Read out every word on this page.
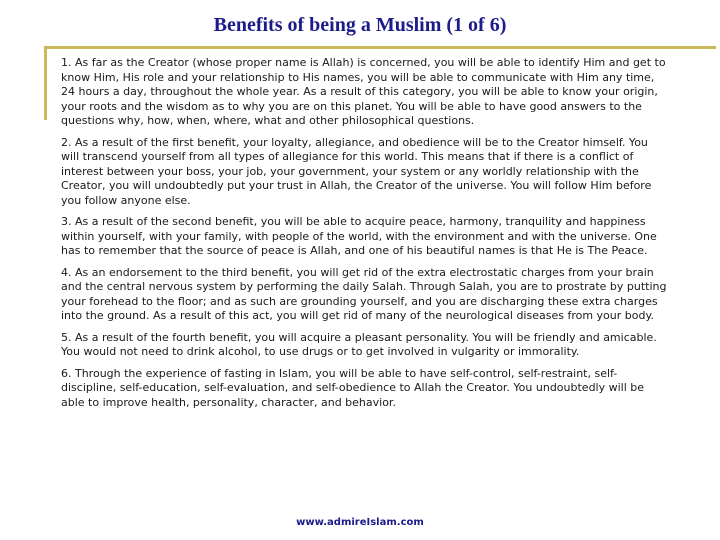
Benefits of being a Muslim (1 of 6)

1. As far as the Creator (whose proper name is Allah) is concerned, you will be able to identify Him and get to know Him, His role and your relationship to His names, you will be able to communicate with Him any time, 24 hours a day, throughout the whole year. As a result of this category, you will be able to know your origin, your roots and the wisdom as to why you are on this planet. You will be able to have good answers to the questions why, how, when, where, what and other philosophical questions.

2. As a result of the first benefit, your loyalty, allegiance, and obedience will be to the Creator himself. You will transcend yourself from all types of allegiance for this world. This means that if there is a conflict of interest between your boss, your job, your government, your system or any worldly relationship with the Creator, you will undoubtedly put your trust in Allah, the Creator of the universe. You will follow Him before you follow anyone else.

3. As a result of the second benefit, you will be able to acquire peace, harmony, tranquility and happiness within yourself, with your family, with people of the world, with the environment and with the universe. One has to remember that the source of peace is Allah, and one of his beautiful names is that He is The Peace.

4. As an endorsement to the third benefit, you will get rid of the extra electrostatic charges from your brain and the central nervous system by performing the daily Salah. Through Salah, you are to prostrate by putting your forehead to the floor; and as such are grounding yourself, and you are discharging these extra charges into the ground. As a result of this act, you will get rid of many of the neurological diseases from your body.

5. As a result of the fourth benefit, you will acquire a pleasant personality. You will be friendly and amicable. You would not need to drink alcohol, to use drugs or to get involved in vulgarity or immorality.

6. Through the experience of fasting in Islam, you will be able to have self-control, self-restraint, self-discipline, self-education, self-evaluation, and self-obedience to Allah the Creator. You undoubtedly will be able to improve health, personality, character, and behavior.

www.admireIslam.com
